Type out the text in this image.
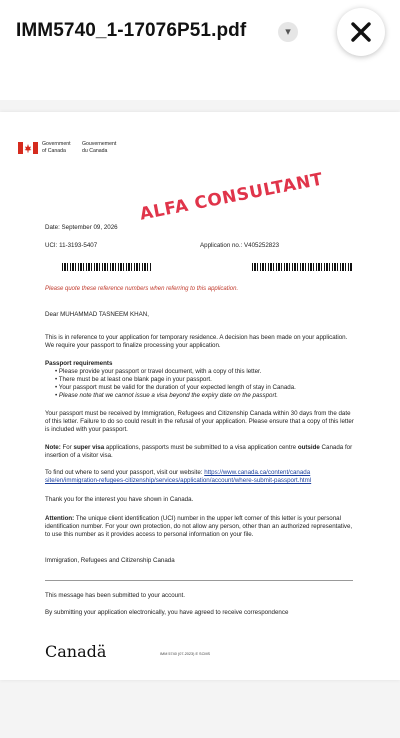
IMM5740_1-17076P51.pdf	▾
Government
of Canada
Gouvernement
du Canada
ALFA CONSULTANT
Date: September 09, 2026
UCI: 11-3193-5407	Application no.: V405252823
Please quote these reference numbers when referring to this application.
Dear MUHAMMAD TASNEEM KHAN,

This is in reference to your application for temporary residence. A decision has been made on your application. We require your passport to finalize processing your application.

Passport requirements

• Please provide your passport or travel document, with a copy of this letter.
• There must be at least one blank page in your passport.
• Your passport must be valid for the duration of your expected length of stay in Canada.
• Please note that we cannot issue a visa beyond the expiry date on the passport.

Your passport must be received by Immigration, Refugees and Citizenship Canada within 30 days from the date of this letter. Failure to do so could result in the refusal of your application. Please ensure that a copy of this letter is included with your passport.

Note: For super visa applications, passports must be submitted to a visa application centre outside Canada for insertion of a visitor visa.

To find out where to send your passport, visit our website: https://www.canada.ca/content/canada site/en/immigration-refugees-citizenship/services/application/account/where-submit-passport.html

Thank you for the interest you have shown in Canada.

Attention: The unique client identification (UCI) number in the upper left corner of this letter is your personal identification number. For your own protection, do not allow any person, other than an authorized representative, to use this number as it provides access to personal information on your file.

Immigration, Refugees and Citizenship Canada

This message has been submitted to your account.

By submitting your application electronically, you have agreed to receive correspondence

Canadä	IMM 5740 (07-2023) E SCMS
